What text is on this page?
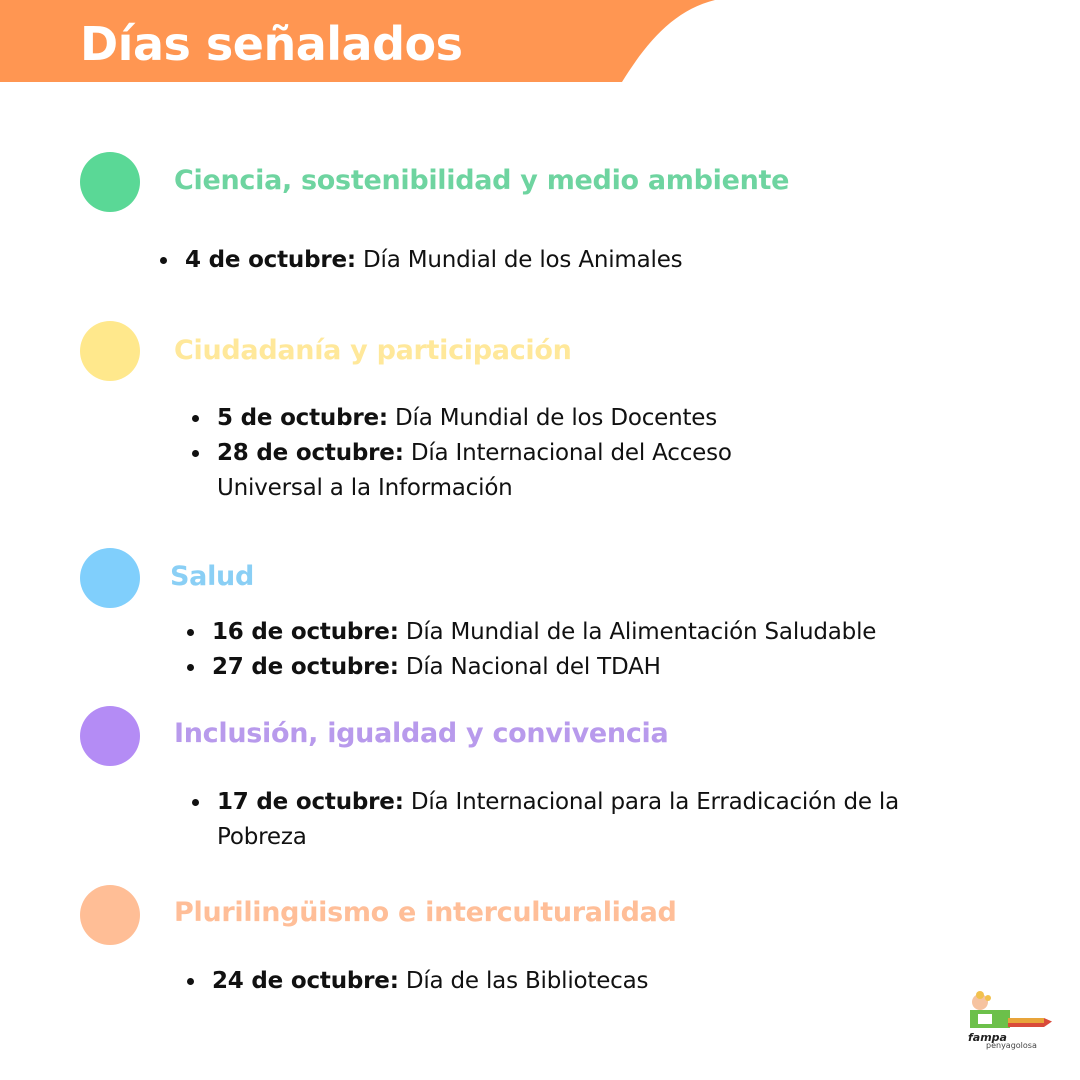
Días señalados
Ciencia, sostenibilidad y medio ambiente
4 de octubre: Día Mundial de los Animales
Ciudadanía y participación
5 de octubre: Día Mundial de los Docentes
28 de octubre: Día Internacional del Acceso Universal a la Información
Salud
16 de octubre: Día Mundial de la Alimentación Saludable
27 de octubre: Día Nacional del TDAH
Inclusión, igualdad y convivencia
17 de octubre: Día Internacional para la Erradicación de la Pobreza
Plurilingüismo e interculturalidad
24 de octubre: Día de las Bibliotecas
fampa
penyagolosa
